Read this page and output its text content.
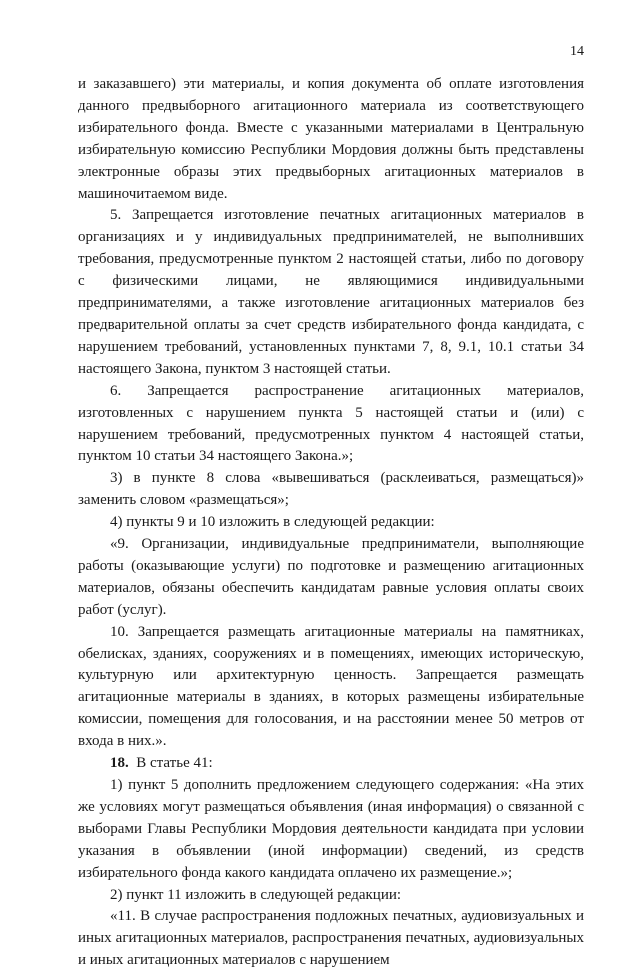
14

и заказавшего) эти материалы, и копия документа об оплате изготовления данного предвыборного агитационного материала из соответствующего избирательного фонда. Вместе с указанными материалами в Центральную избирательную комиссию Республики Мордовия должны быть представлены электронные образы этих предвыборных агитационных материалов в машиночитаемом виде.

5. Запрещается изготовление печатных агитационных материалов в организациях и у индивидуальных предпринимателей, не выполнивших требования, предусмотренные пунктом 2 настоящей статьи, либо по договору с физическими лицами, не являющимися индивидуальными предпринимателями, а также изготовление агитационных материалов без предварительной оплаты за счет средств избирательного фонда кандидата, с нарушением требований, установленных пунктами 7, 8, 9.1, 10.1 статьи 34 настоящего Закона, пунктом 3 настоящей статьи.

6. Запрещается распространение агитационных материалов, изготовленных с нарушением пункта 5 настоящей статьи и (или) с нарушением требований, предусмотренных пунктом 4 настоящей статьи, пунктом 10 статьи 34 настоящего Закона.»;

3) в пункте 8 слова «вывешиваться (расклеиваться, размещаться)» заменить словом «размещаться»;

4) пункты 9 и 10 изложить в следующей редакции:

«9. Организации, индивидуальные предприниматели, выполняющие работы (оказывающие услуги) по подготовке и размещению агитационных материалов, обязаны обеспечить кандидатам равные условия оплаты своих работ (услуг).

10. Запрещается размещать агитационные материалы на памятниках, обелисках, зданиях, сооружениях и в помещениях, имеющих историческую, культурную или архитектурную ценность. Запрещается размещать агитационные материалы в зданиях, в которых размещены избирательные комиссии, помещения для голосования, и на расстоянии менее 50 метров от входа в них.».

18. В статье 41:

1) пункт 5 дополнить предложением следующего содержания: «На этих же условиях могут размещаться объявления (иная информация) о связанной с выборами Главы Республики Мордовия деятельности кандидата при условии указания в объявлении (иной информации) сведений, из средств избирательного фонда какого кандидата оплачено их размещение.»;

2) пункт 11 изложить в следующей редакции:

«11. В случае распространения подложных печатных, аудиовизуальных и иных агитационных материалов, распространения печатных, аудиовизуальных и иных агитационных материалов с нарушением
